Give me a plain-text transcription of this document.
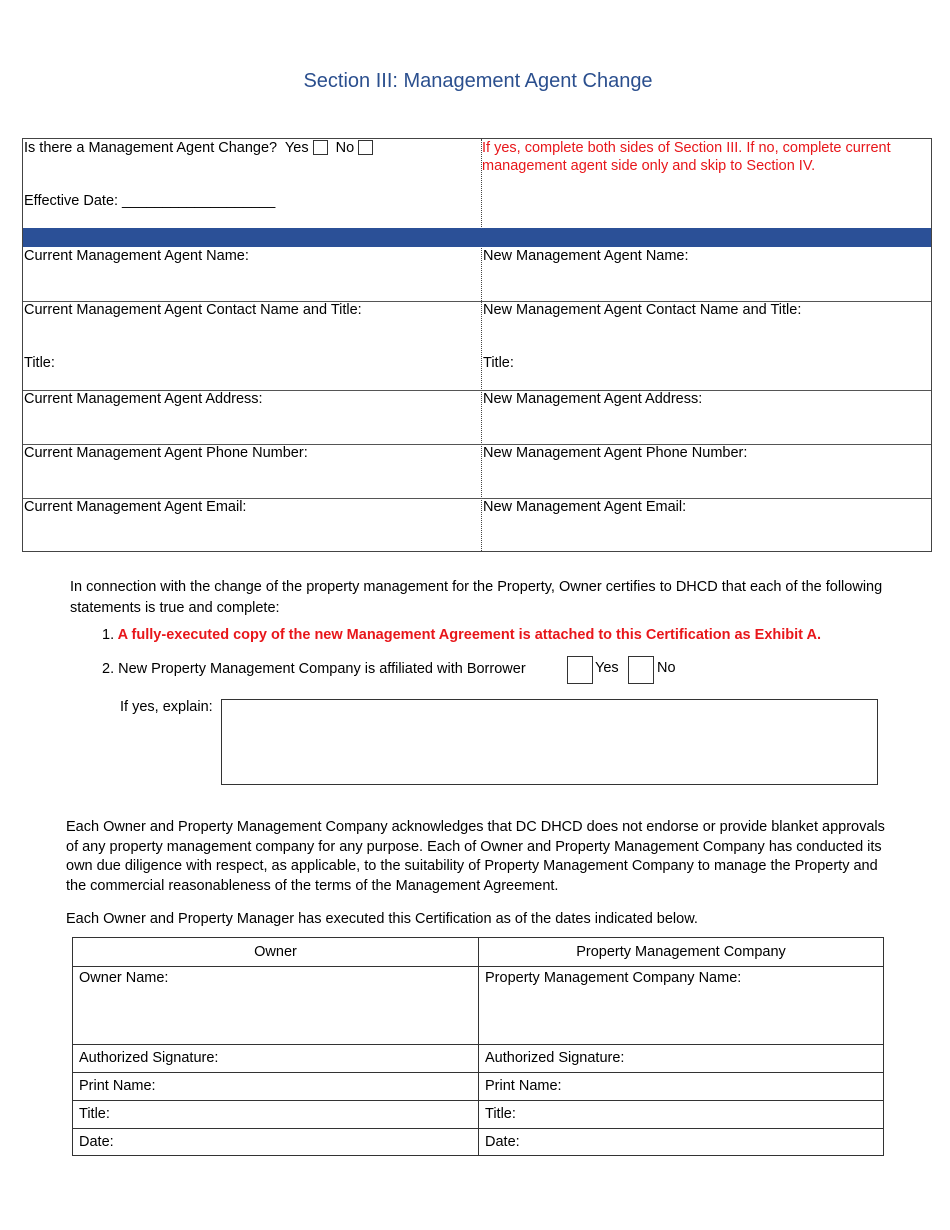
Section III: Management Agent Change
Is there a Management Agent Change? Yes No	If yes, complete both sides of Section III. If no, complete current management agent side only and skip to Section IV.
Effective Date: ___________________
Current Management Agent Name:	New Management Agent Name:
Current Management Agent Contact Name and Title:	New Management Agent Contact Name and Title:
Title:	Title:
Current Management Agent Address:	New Management Agent Address:
Current Management Agent Phone Number:	New Management Agent Phone Number:
Current Management Agent Email:	New Management Agent Email:
In connection with the change of the property management for the Property, Owner certifies to DHCD that each of the following statements is true and complete:
1. A fully-executed copy of the new Management Agreement is attached to this Certification as Exhibit A.
2. New Property Management Company is affiliated with Borrower	Yes	No
If yes, explain:
Each Owner and Property Management Company acknowledges that DC DHCD does not endorse or provide blanket approvals of any property management company for any purpose. Each of Owner and Property Management Company has conducted its own due diligence with respect, as applicable, to the suitability of Property Management Company to manage the Property and the commercial reasonableness of the terms of the Management Agreement.
Each Owner and Property Manager has executed this Certification as of the dates indicated below.
Owner	Property Management Company
Owner Name:	Property Management Company Name:
Authorized Signature:	Authorized Signature:
Print Name:	Print Name:
Title:	Title:
Date:	Date:
